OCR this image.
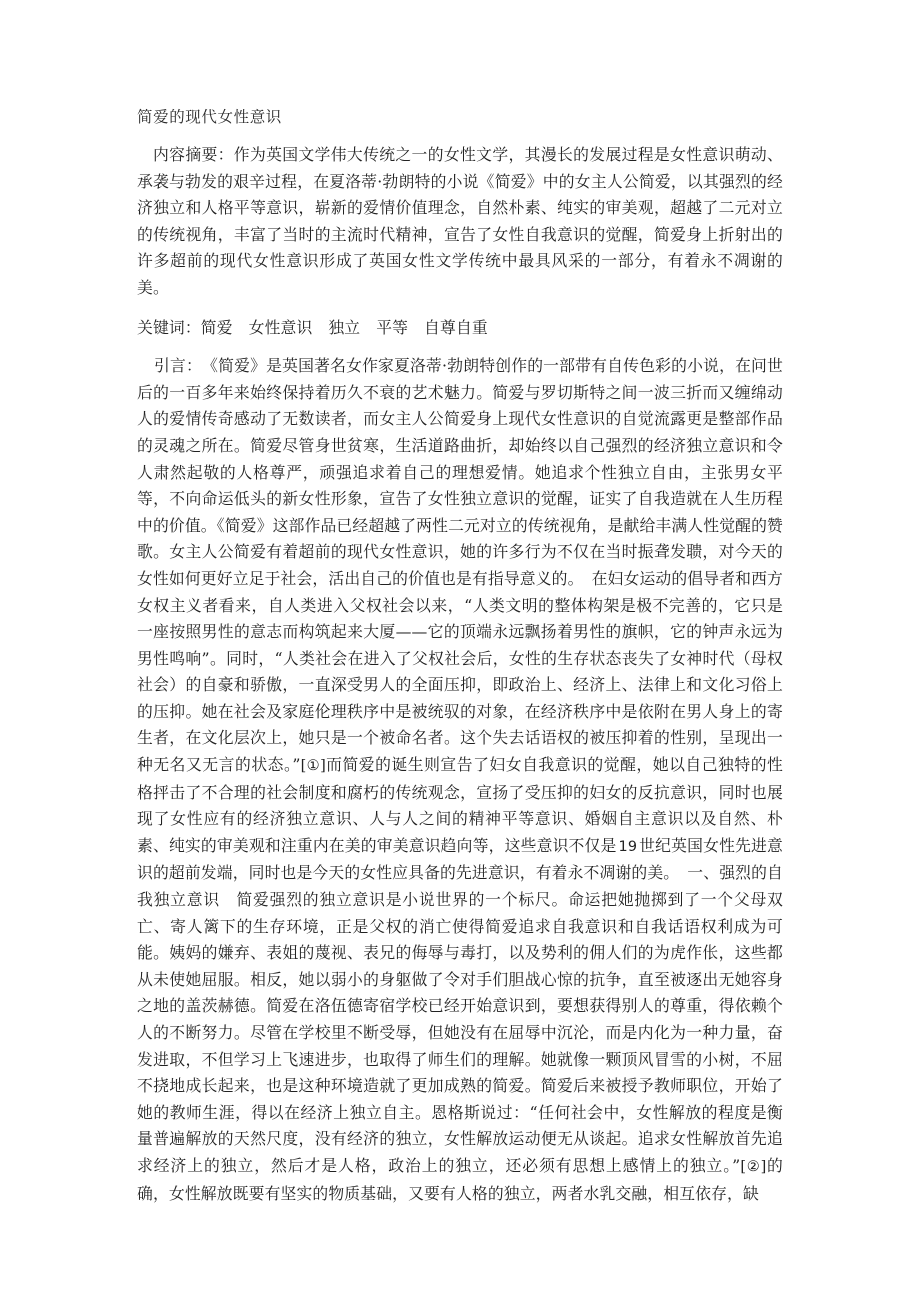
简爱的现代女性意识

内容摘要：作为英国文学伟大传统之一的女性文学，其漫长的发展过程是女性意识萌动、承袭与勃发的艰辛过程，在夏洛蒂·勃朗特的小说《简爱》中的女主人公简爱，以其强烈的经济独立和人格平等意识，崭新的爱情价值理念，自然朴素、纯实的审美观，超越了二元对立的传统视角，丰富了当时的主流时代精神，宣告了女性自我意识的觉醒，简爱身上折射出的许多超前的现代女性意识形成了英国女性文学传统中最具风采的一部分，有着永不凋谢的美。

关键词：简爱　女性意识　独立　平等　自尊自重

引言：　《简爱》是英国著名女作家夏洛蒂·勃朗特创作的一部带有自传色彩的小说，在问世后的一百多年来始终保持着历久不衰的艺术魅力。简爱与罗切斯特之间一波三折而又缠绵动人的爱情传奇感动了无数读者，而女主人公简爱身上现代女性意识的自觉流露更是整部作品的灵魂之所在。简爱尽管身世贫寒，生活道路曲折，却始终以自己强烈的经济独立意识和令人肃然起敬的人格尊严，顽强追求着自己的理想爱情。她追求个性独立自由，主张男女平等，不向命运低头的新女性形象，宣告了女性独立意识的觉醒，证实了自我造就在人生历程中的价值。《简爱》这部作品已经超越了两性二元对立的传统视角，是献给丰满人性觉醒的赞歌。女主人公简爱有着超前的现代女性意识，她的许多行为不仅在当时振聋发聩，对今天的女性如何更好立足于社会，活出自己的价值也是有指导意义的。　在妇女运动的倡导者和西方女权主义者看来，自人类进入父权社会以来，“人类文明的整体构架是极不完善的，它只是一座按照男性的意志而构筑起来大厦——它的顶端永远飘扬着男性的旗帜，它的钟声永远为男性鸣响”。同时，“人类社会在进入了父权社会后，女性的生存状态丧失了女神时代（母权社会）的自豪和骄傲，一直深受男人的全面压抑，即政治上、经济上、法律上和文化习俗上的压抑。她在社会及家庭伦理秩序中是被统驭的对象，在经济秩序中是依附在男人身上的寄生者，在文化层次上，她只是一个被命名者。这个失去话语权的被压抑着的性别，呈现出一种无名又无言的状态。”[①]而简爱的诞生则宣告了妇女自我意识的觉醒，她以自己独特的性格抨击了不合理的社会制度和腐朽的传统观念，宣扬了受压抑的妇女的反抗意识，同时也展现了女性应有的经济独立意识、人与人之间的精神平等意识、婚姻自主意识以及自然、朴素、纯实的审美观和注重内在美的审美意识趋向等，这些意识不仅是 19 世纪英国女性先进意识的超前发端，同时也是今天的女性应具备的先进意识，有着永不凋谢的美。　一、强烈的自我独立意识　简爱强烈的独立意识是小说世界的一个标尺。命运把她抛掷到了一个父母双亡、寄人篱下的生存环境，正是父权的消亡使得简爱追求自我意识和自我话语权利成为可能。姨妈的嫌弃、表姐的蔑视、表兄的侮辱与毒打，以及势利的佣人们的为虎作伥，这些都从未使她屈服。相反，她以弱小的身躯做了令对手们胆战心惊的抗争，直至被逐出无她容身之地的盖茨赫德。简爱在洛伍德寄宿学校已经开始意识到，要想获得别人的尊重，得依赖个人的不断努力。尽管在学校里不断受辱，但她没有在屈辱中沉沦，而是内化为一种力量，奋发进取，不但学习上飞速进步，也取得了师生们的理解。她就像一颗顶风冒雪的小树，不屈不挠地成长起来，也是这种环境造就了更加成熟的简爱。简爱后来被授予教师职位，开始了她的教师生涯，得以在经济上独立自主。恩格斯说过：“任何社会中，女性解放的程度是衡量普遍解放的天然尺度，没有经济的独立，女性解放运动便无从谈起。追求女性解放首先追求经济上的独立，然后才是人格，政治上的独立，还必须有思想上感情上的独立。”[②]的确，女性解放既要有坚实的物质基础，又要有人格的独立，两者水乳交融，相互依存，缺
